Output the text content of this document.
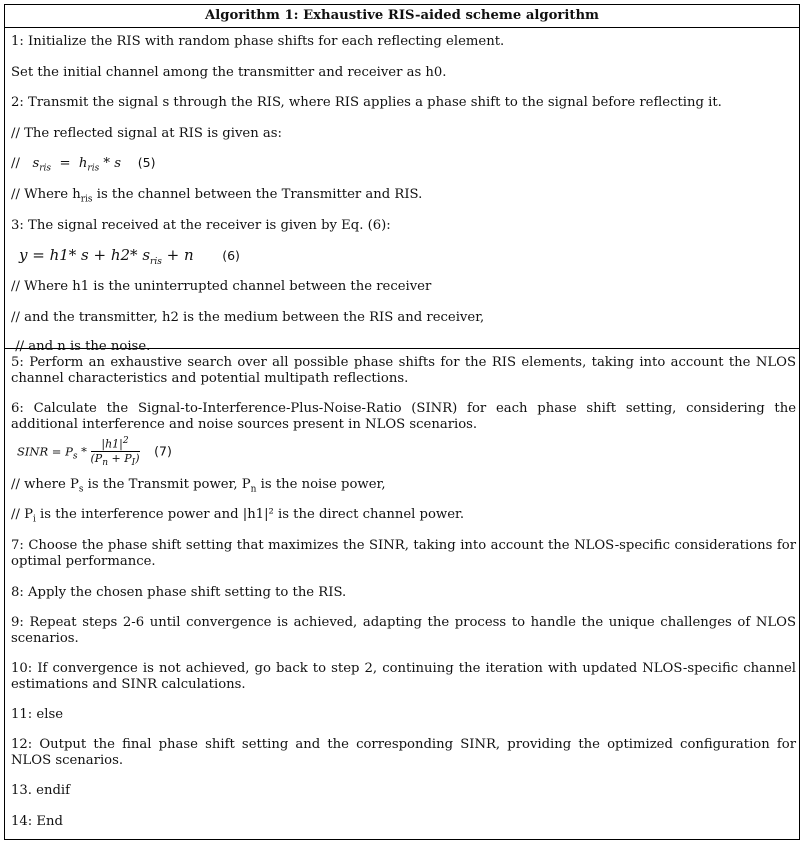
Algorithm 1: Exhaustive RIS-aided scheme algorithm
1: Initialize the RIS with random phase shifts for each reflecting element.
Set the initial channel among the transmitter and receiver as h0.
2: Transmit the signal s through the RIS, where RIS applies a phase shift to the signal before reflecting it.
// The reflected signal at RIS is given as:
// $s_{ris} = h_{ris} * s$ (5)
// Where $h_{ris}$ is the channel between the Transmitter and RIS.
3: The signal received at the receiver is given by Eq. (6):
y = h1* s + h2* $s_{ris} + n$ (6)
// Where h1 is the uninterrupted channel between the receiver
// and the transmitter, h2 is the medium between the RIS and receiver,
// and n is the noise.
5: Perform an exhaustive search over all possible phase shifts for the RIS elements, taking into account the NLOS channel characteristics and potential multipath reflections.
6: Calculate the Signal-to-Interference-Plus-Noise-Ratio (SINR) for each phase shift setting, considering the additional interference and noise sources present in NLOS scenarios.
SINR = $P_s * \frac{|h1|^2}{(P_n + P_I)} (7)$
// where $P_s$ is the Transmit power, $P_n$ is the noise power,
// $P_i$ is the interference power and |h1|² is the direct channel power.
7: Choose the phase shift setting that maximizes the SINR, taking into account the NLOS-specific considerations for optimal performance.
8: Apply the chosen phase shift setting to the RIS.
9: Repeat steps 2-6 until convergence is achieved, adapting the process to handle the unique challenges of NLOS scenarios.
10: If convergence is not achieved, go back to step 2, continuing the iteration with updated NLOS-specific channel estimations and SINR calculations.
11: else
12: Output the final phase shift setting and the corresponding SINR, providing the optimized configuration for NLOS scenarios.
13. endif
14: End
